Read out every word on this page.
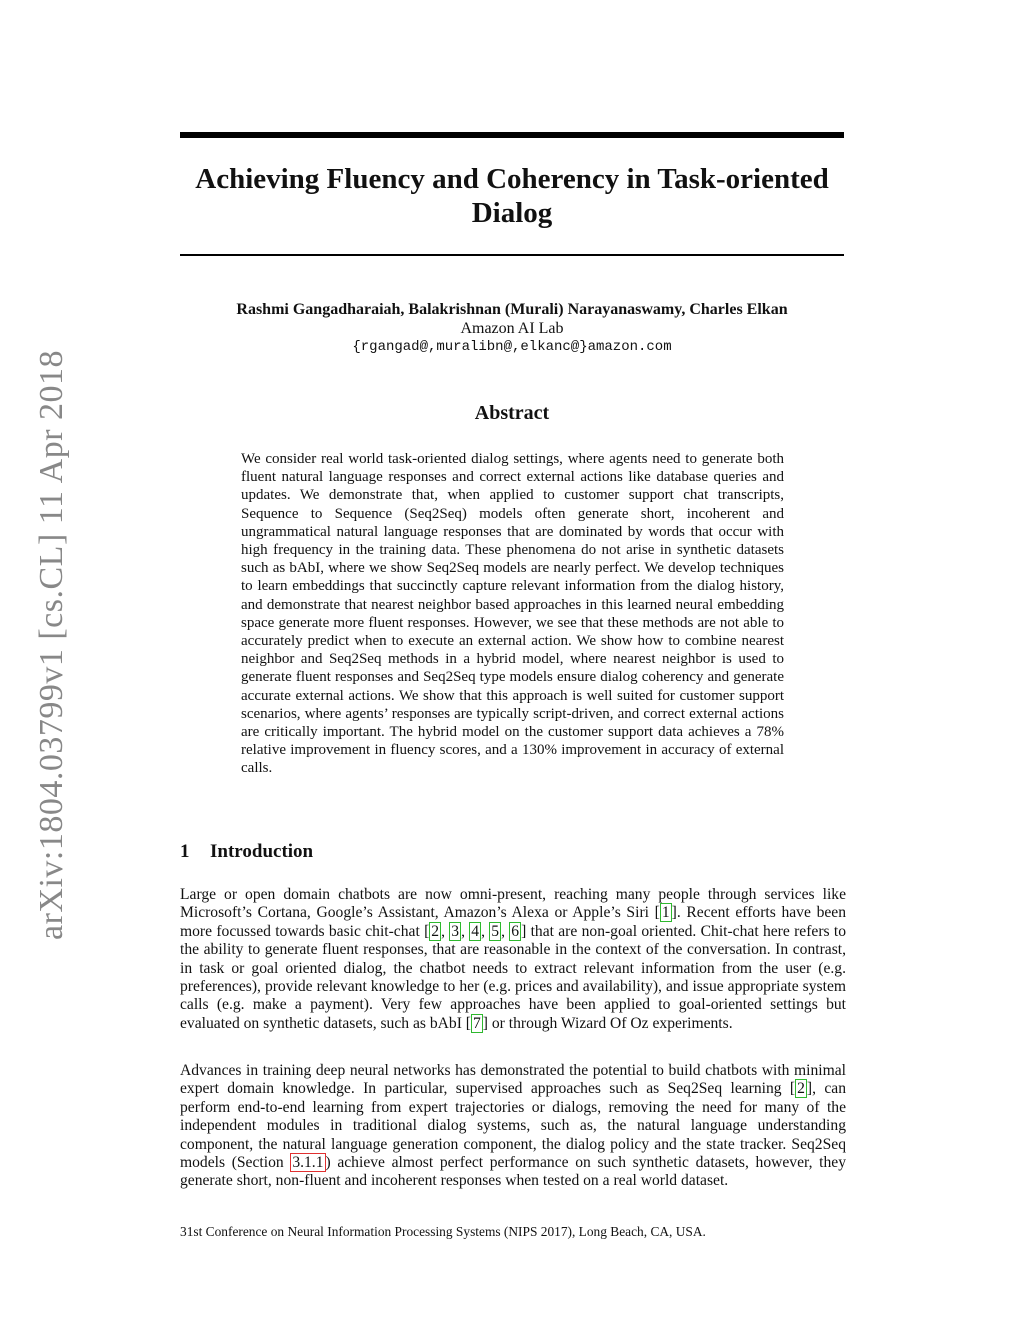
arXiv:1804.03799v1 [cs.CL] 11 Apr 2018
Achieving Fluency and Coherency in Task-oriented Dialog
Rashmi Gangadharaiah, Balakrishnan (Murali) Narayanaswamy, Charles Elkan
Amazon AI Lab
{rgangad@,muralibn@,elkanc@}amazon.com
Abstract

We consider real world task-oriented dialog settings, where agents need to generate both fluent natural language responses and correct external actions like database queries and updates. We demonstrate that, when applied to customer support chat transcripts, Sequence to Sequence (Seq2Seq) models often generate short, incoherent and ungrammatical natural language responses that are dominated by words that occur with high frequency in the training data. These phenomena do not arise in synthetic datasets such as bAbI, where we show Seq2Seq models are nearly perfect. We develop techniques to learn embeddings that succinctly capture relevant information from the dialog history, and demonstrate that nearest neighbor based approaches in this learned neural embedding space generate more fluent responses. However, we see that these methods are not able to accurately predict when to execute an external action. We show how to combine nearest neighbor and Seq2Seq methods in a hybrid model, where nearest neighbor is used to generate fluent responses and Seq2Seq type models ensure dialog coherency and generate accurate external actions. We show that this approach is well suited for customer support scenarios, where agents’ responses are typically script-driven, and correct external actions are critically important. The hybrid model on the customer support data achieves a 78% relative improvement in fluency scores, and a 130% improvement in accuracy of external calls.

1 Introduction

Large or open domain chatbots are now omni-present, reaching many people through services like Microsoft’s Cortana, Google’s Assistant, Amazon’s Alexa or Apple’s Siri [ 1 ]. Recent efforts have been more focussed towards basic chit-chat [ 2 , 3 , 4 , 5 , 6 ] that are non-goal oriented. Chit-chat here refers to the ability to generate fluent responses, that are reasonable in the context of the conversation. In contrast, in task or goal oriented dialog, the chatbot needs to extract relevant information from the user (e.g. preferences), provide relevant knowledge to her (e.g. prices and availability), and issue appropriate system calls (e.g. make a payment). Very few approaches have been applied to goal-oriented settings but evaluated on synthetic datasets, such as bAbI [ 7 ] or through Wizard Of Oz experiments.

Advances in training deep neural networks has demonstrated the potential to build chatbots with minimal expert domain knowledge. In particular, supervised approaches such as Seq2Seq learning [ 2 ], can perform end-to-end learning from expert trajectories or dialogs, removing the need for many of the independent modules in traditional dialog systems, such as, the natural language understanding component, the natural language generation component, the dialog policy and the state tracker. Seq2Seq models (Section 3.1.1 ) achieve almost perfect performance on such synthetic datasets, however, they generate short, non-fluent and incoherent responses when tested on a real world dataset.

31st Conference on Neural Information Processing Systems (NIPS 2017), Long Beach, CA, USA.
